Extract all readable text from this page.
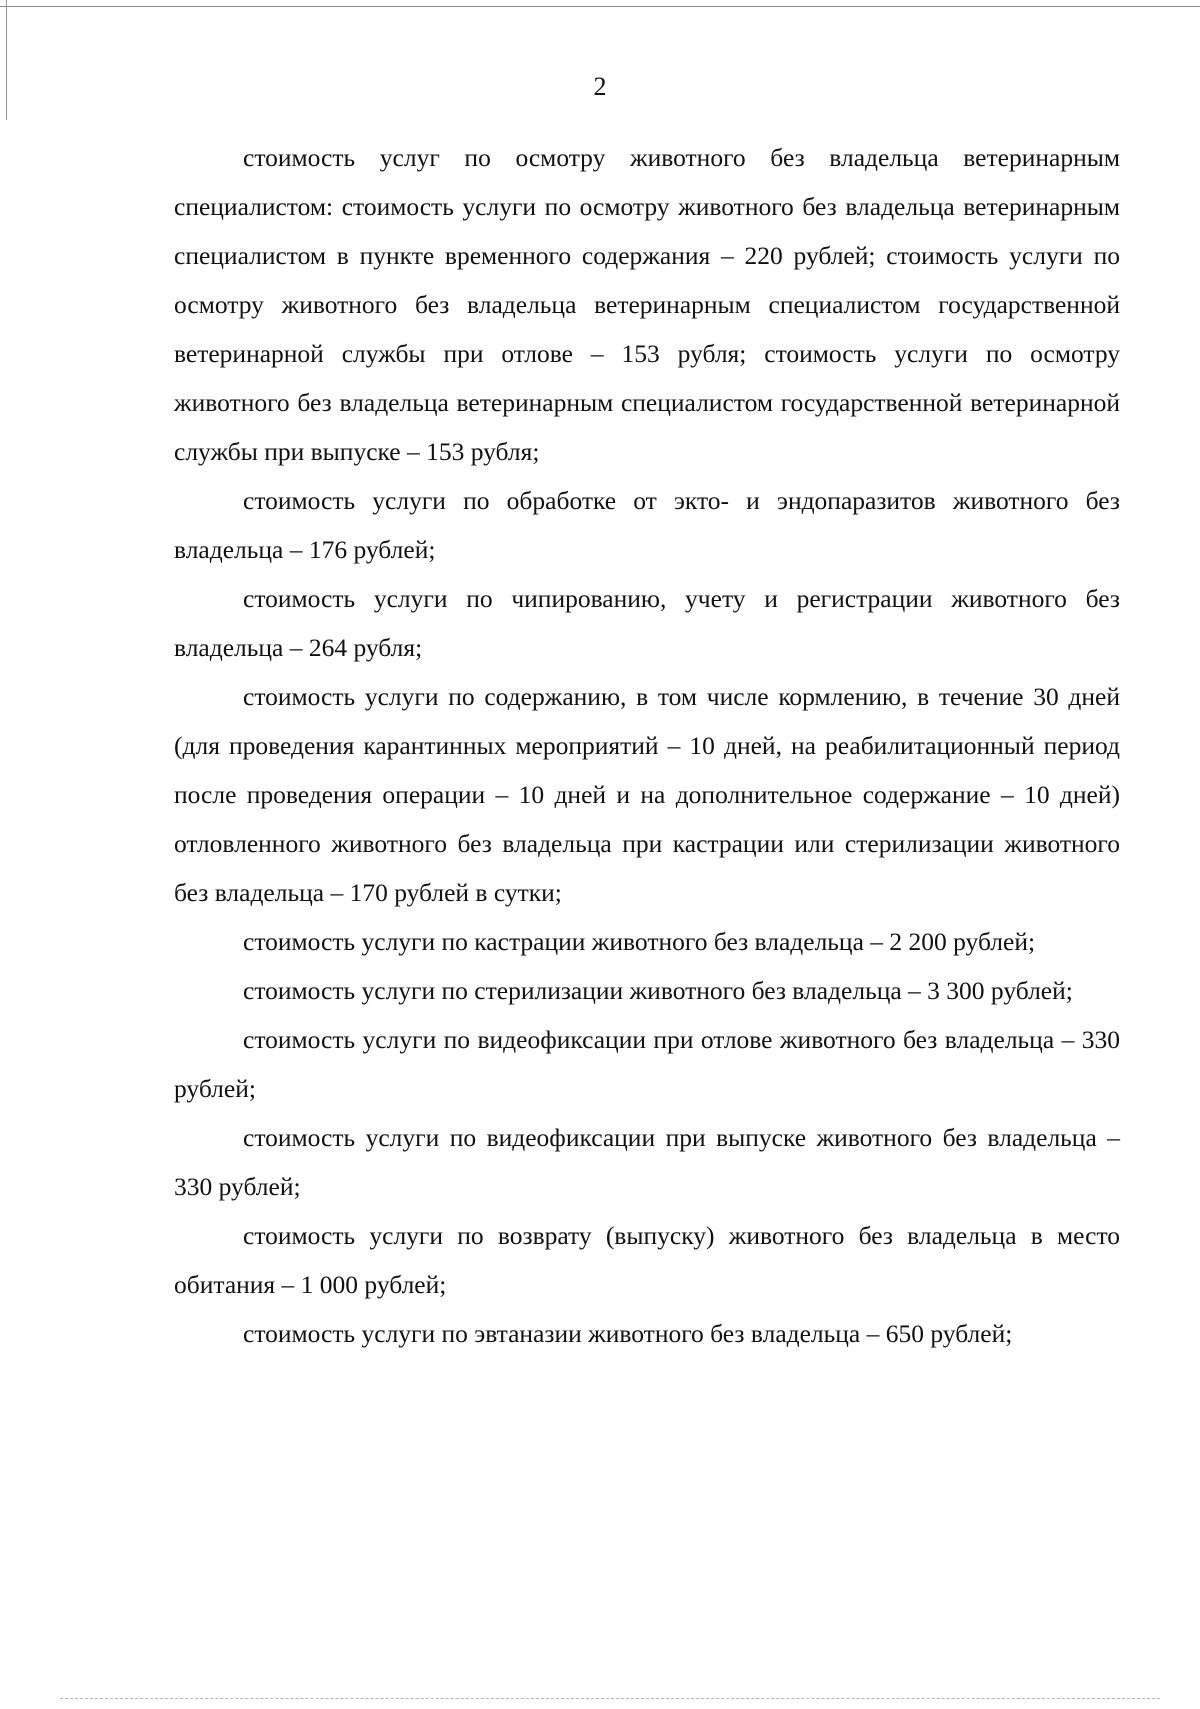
2

стоимость услуг по осмотру животного без владельца ветеринарным специалистом: стоимость услуги по осмотру животного без владельца ветеринарным специалистом в пункте временного содержания – 220 рублей; стоимость услуги по осмотру животного без владельца ветеринарным специалистом государственной ветеринарной службы при отлове – 153 рубля; стоимость услуги по осмотру животного без владельца ветеринарным специалистом государственной ветеринарной службы при выпуске – 153 рубля;

стоимость услуги по обработке от экто- и эндопаразитов животного без владельца – 176 рублей;

стоимость услуги по чипированию, учету и регистрации животного без владельца – 264 рубля;

стоимость услуги по содержанию, в том числе кормлению, в течение 30 дней (для проведения карантинных мероприятий – 10 дней, на реабилитационный период после проведения операции – 10 дней и на дополнительное содержание – 10 дней) отловленного животного без владельца при кастрации или стерилизации животного без владельца – 170 рублей в сутки;

стоимость услуги по кастрации животного без владельца – 2 200 рублей;

стоимость услуги по стерилизации животного без владельца – 3 300 рублей;

стоимость услуги по видеофиксации при отлове животного без владельца – 330 рублей;

стоимость услуги по видеофиксации при выпуске животного без владельца – 330 рублей;

стоимость услуги по возврату (выпуску) животного без владельца в место обитания – 1 000 рублей;

стоимость услуги по эвтаназии животного без владельца – 650 рублей;
